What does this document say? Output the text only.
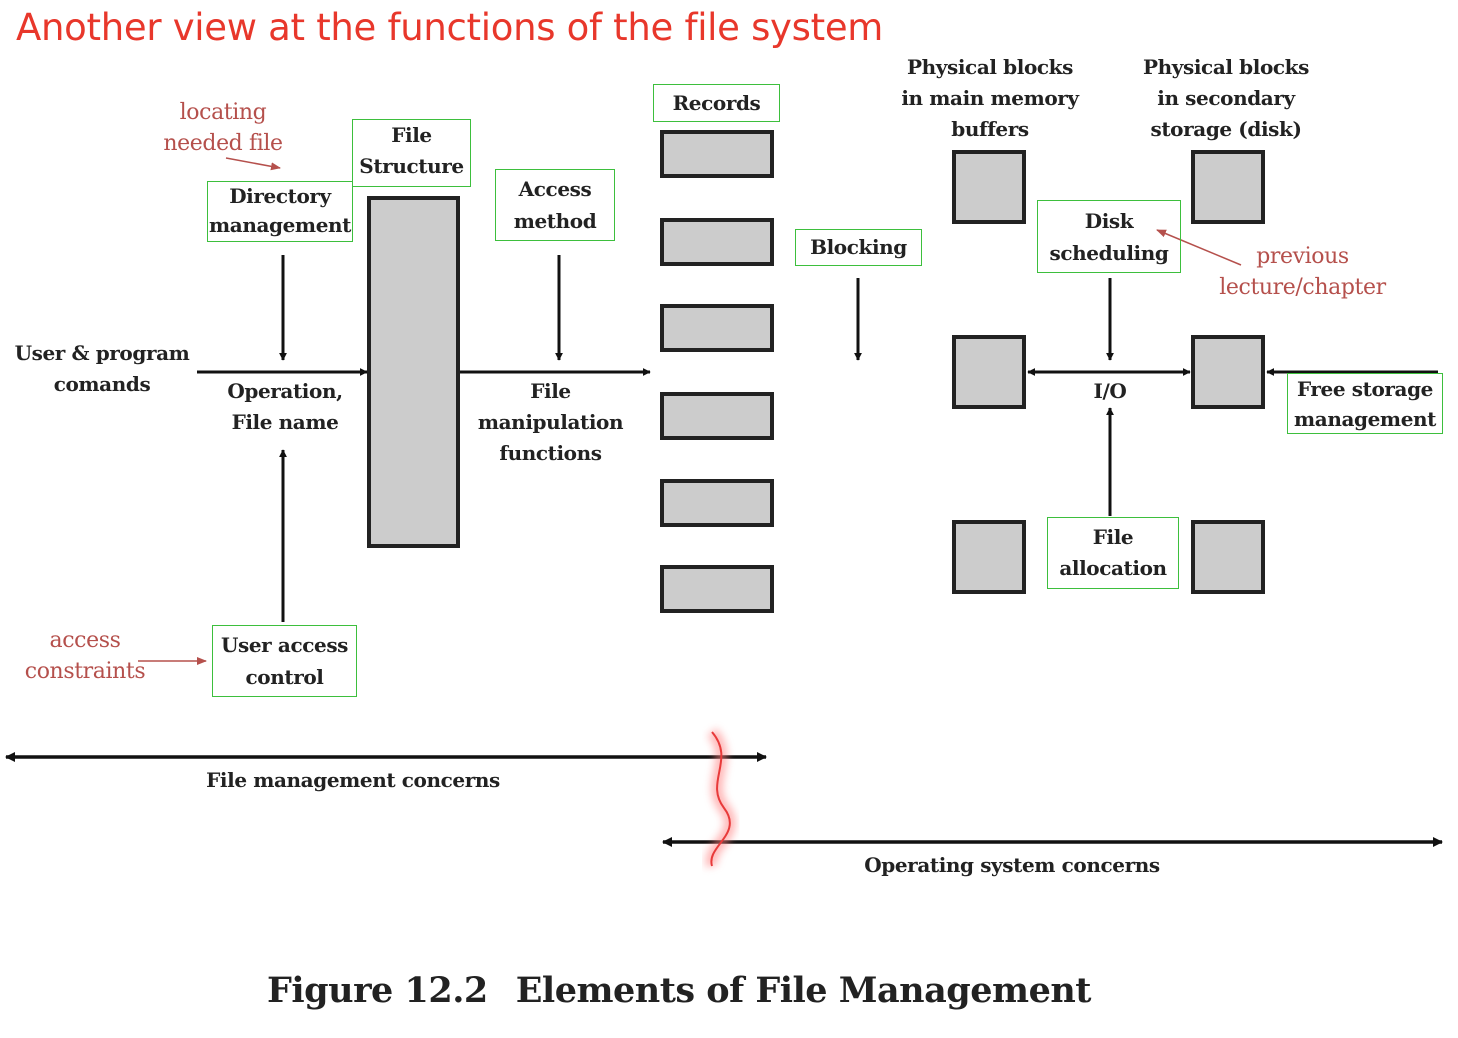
Another view at the functions of the file system
User & program
comands
Directory
management
File
Structure
Access
method
Records
Blocking
Operation,
File name
File
manipulation
functions
User access
control
Physical blocks
in main memory
buffers
Physical blocks
in secondary
storage (disk)
Disk
scheduling
I/O	Free storage
management
File
allocation
File management concerns
Operating system concerns
locating
needed file
access
constraints
previous
lecture/chapter
Figure 12.2 Elements of File Management
